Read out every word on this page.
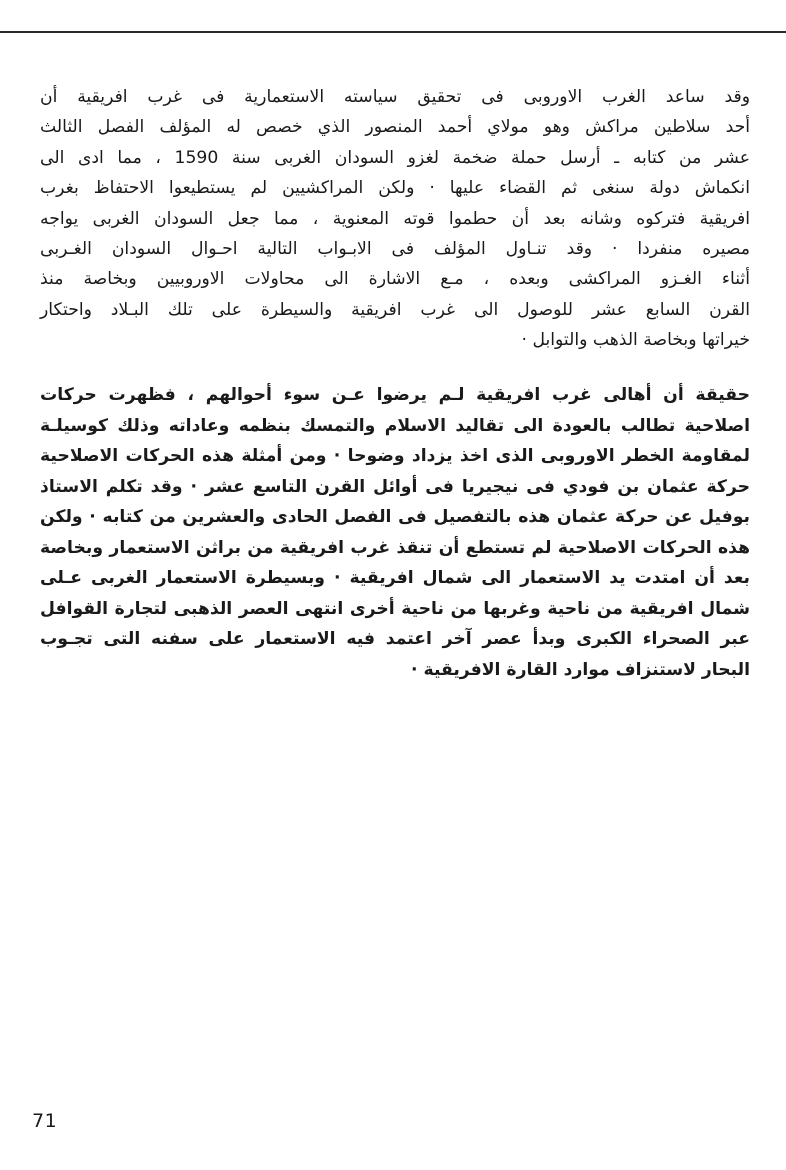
وقد ساعد الغرب الاوروبى فى تحقيق سياسته الاستعمارية فى غرب افريقية أن
أحد سلاطين مراكش وهو مولاي أحمد المنصور الذي خصص له المؤلف الفصل الثالث
عشر من كتابه ـ أرسل حملة ضخمة لغزو السودان الغربى سنة 1590 ، مما ادى الى
انكماش دولة سنغى ثم القضاء عليها · ولكن المراكشيين لم يستطيعوا الاحتفاظ بغرب
افريقية فتركوه وشانه بعد أن حطموا قوته المعنوية ، مما جعل السودان الغربى يواجه
مصيره منفردا · وقد تنـاول المؤلف فى الابـواب التالية احـوال السودان الغـربى
أثناء الغـزو المراكشى وبعده ، مـع الاشارة الى محاولات الاوروبيين وبخاصة منذ
القرن السابع عشر للوصول الى غرب افريقية والسيطرة على تلك البـلاد واحتكار
خيراتها وبخاصة الذهب والتوابل ·
حقيقة أن أهالى غرب افريقية لـم يرضوا عـن سوء أحوالهم ، فظهرت حركات
اصلاحية تطالب بالعودة الى تقاليد الاسلام والتمسك بنظمه وعاداته وذلك كوسيلـة
لمقاومة الخطر الاوروبى الذى اخذ يزداد وضوحا · ومن أمثلة هذه الحركات الاصلاحية
حركة عثمان بن فودي فى نيجيريا فى أوائل القرن التاسع عشر · وقد تكلم الاستاذ
بوفيل عن حركة عثمان هذه بالتفصيل فى الفصل الحادى والعشرين من كتابه · ولكن
هذه الحركات الاصلاحية لم تستطع أن تنقذ غرب افريقية من براثن الاستعمار وبخاصة
بعد أن امتدت يد الاستعمار الى شمال افريقية · وبسيطرة الاستعمار الغربى عـلى
شمال افريقية من ناحية وغربها من ناحية أخرى انتهى العصر الذهبى لتجارة القوافل
عبر الصحراء الكبرى وبدأ عصر آخر اعتمد فيه الاستعمار على سفنه التى تجـوب
البحار لاستنزاف موارد القارة الافريقية ·
71
